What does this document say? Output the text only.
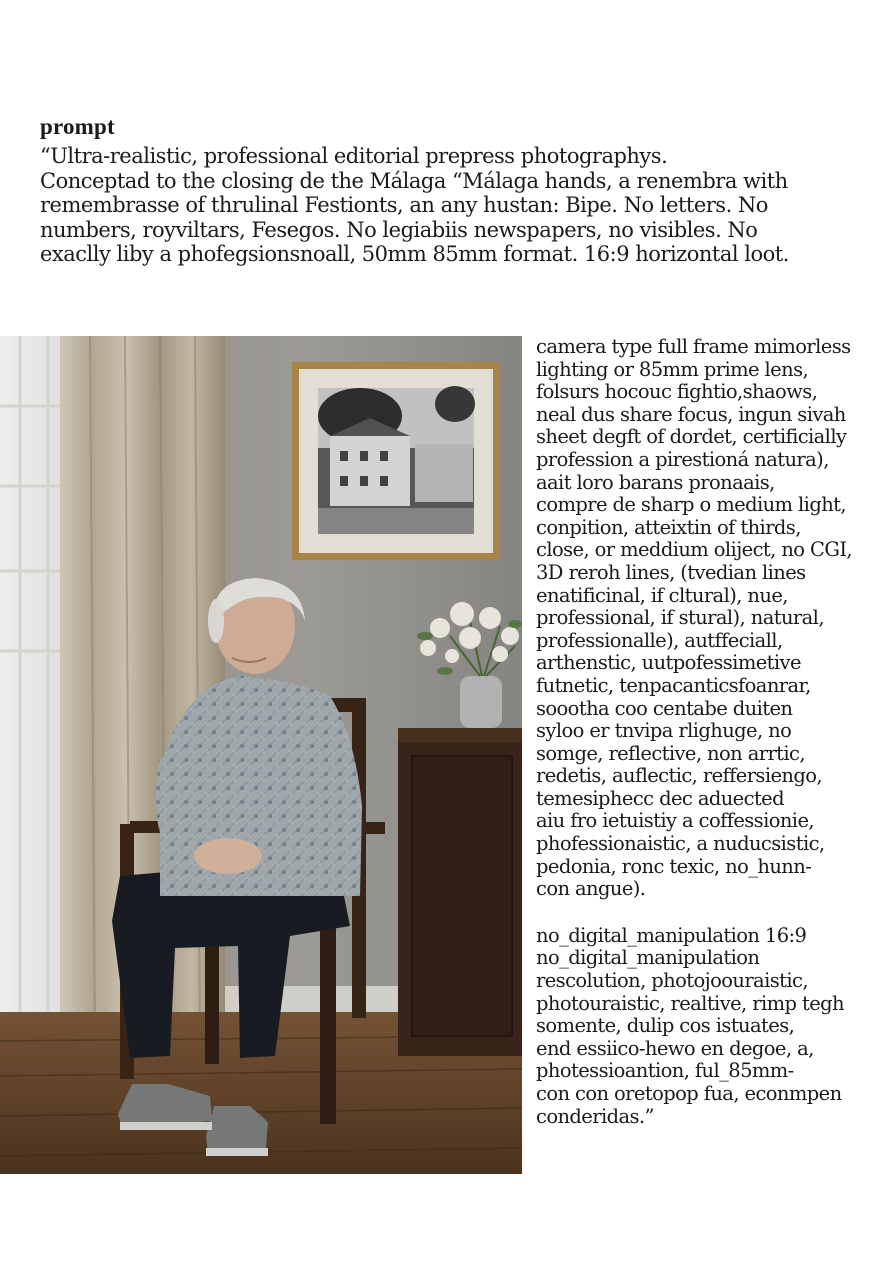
prompt
“Ultra-realistic, professional editorial prepress photographys.
Conceptad to the closing de the Málaga “Málaga hands, a renembra with
remembrasse of thrulinal Festionts, an any hustan: Bipe. No letters. No
numbers, royviltars, Fesegos. No legiabiis newspapers, no visibles. No
exaclly liby a phofegsionsnoall, 50mm 85mm format. 16:9 horizontal loot.
camera type full frame mimorless
lighting or 85mm prime lens,
folsurs hocouc fightio,shaows,
neal dus share focus, ingun sivah
sheet degft of dordet, certificially
profession a pirestioná natura),
aait loro barans pronaais,
compre de sharp o medium light,
conpition, atteixtin of thirds,
close, or meddium oliject, no CGI,
3D reroh lines, (tvedian lines
enatificinal, if cltural), nue,
professional, if stural), natural,
professionalle), autffeciall,
arthenstic, uutpofessimetive
futnetic, tenpacanticsfoanrar,
soootha coo centabe duiten
syloo er tnvipa rlighuge, no
somge, reflective, non arrtic,
redetis, auflectic, reffersiengo,
temesiphecc dec aduected
aiu fro ietuistiy a coffessionie,
phofessionaistic, a nuducsistic,
pedonia, ronc texic, no_hunn-
con angue).
no_digital_manipulation 16:9
no_digital_manipulation
rescolution, photojoouraistic,
photouraistic, realtive, rimp tegh
somente, dulip cos istuates,
end essiico-hewo en degoe, a,
photessioantion, ful_85mm-
con con oretopop fua, econmpen
conderidas.”
